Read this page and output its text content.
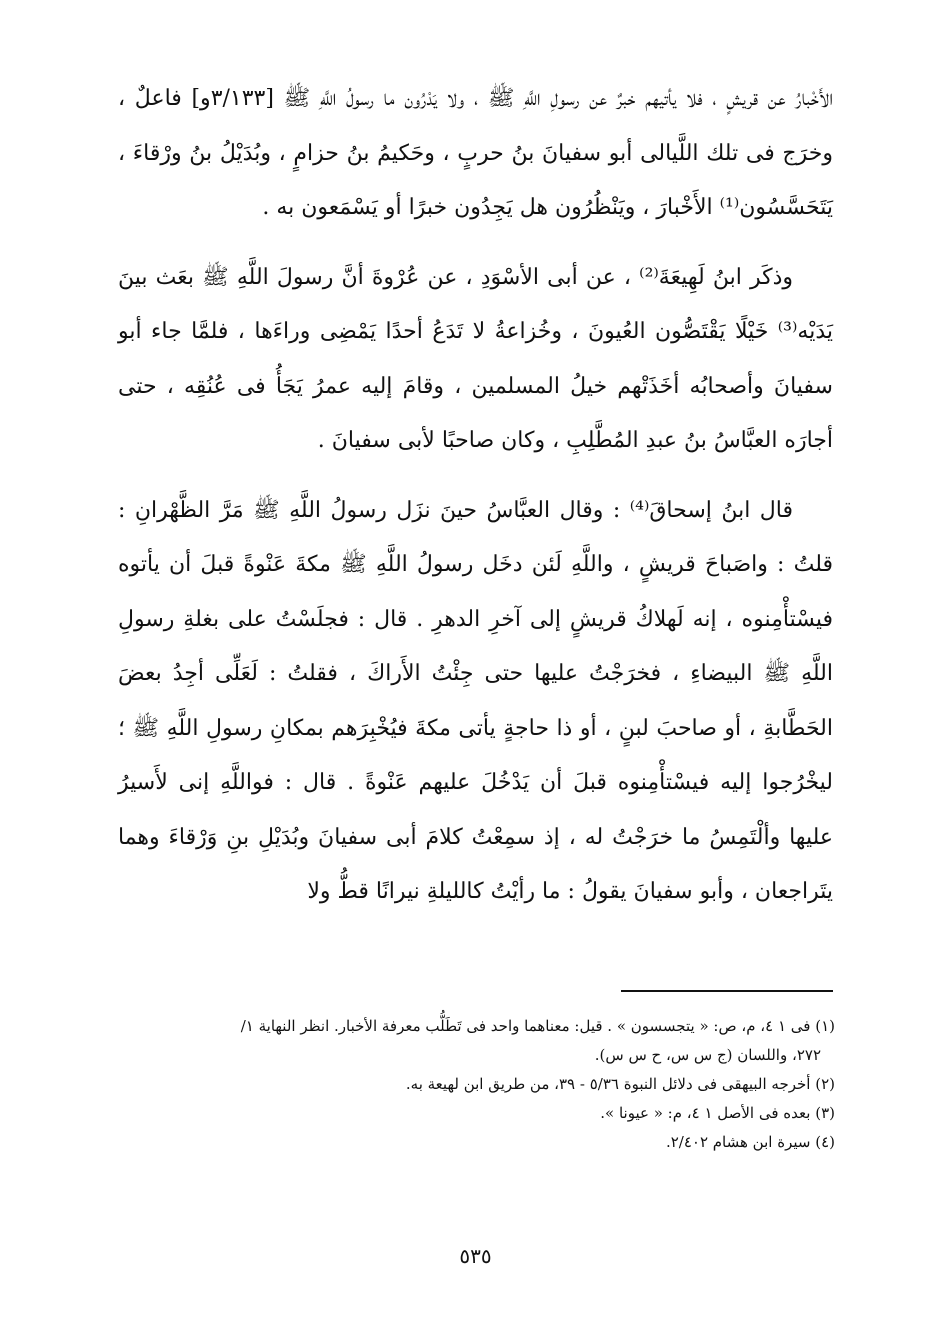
الأَخْبارُ عن قريشٍ ، فلا يأتيهم خبرٌ عن رسولِ اللَّهِ ﷺ ، ولا يَدْرُون ما رسولُ اللَّهِ ﷺ [٣/١٣٣و] فاعلٌ ، وخرَج فى تلك اللَّيالى أبو سفيانَ بنُ حربٍ ، وحَكيمُ بنُ حزامٍ ، وبُدَيْلُ بنُ ورْقاءَ ، يَتَحَسَّسُون⁽¹⁾ الأَخْبارَ ، ويَنْظُرُون هل يَجِدُون خبرًا أو يَسْمَعون به .

وذكَر ابنُ لَهِيعَةَ⁽²⁾ ، عن أبى الأسْوَدِ ، عن عُرْوةَ أنَّ رسولَ اللَّهِ ﷺ بعَث بينَ يَدَيْه⁽³⁾ خَيْلًا يَقْتَصُّون العُيونَ ، وخُزاعةُ لا تَدَعُ أحدًا يَمْضِى وراءَها ، فلمَّا جاء أبو سفيانَ وأصحابُه أخَذَتْهم خيلُ المسلمين ، وقامَ إليه عمرُ يَجَأُ فى عُنُقِه ، حتى أجارَه العبَّاسُ بنُ عبدِ المُطَّلِبِ ، وكان صاحبًا لأبى سفيانَ .

قال ابنُ إسحاقَ⁽⁴⁾ : وقال العبَّاسُ حينَ نزَل رسولُ اللَّهِ ﷺ مَرَّ الظَّهْرانِ : قلتُ : واصَباحَ قريشٍ ، واللَّهِ لَئن دخَل رسولُ اللَّهِ ﷺ مكةَ عَنْوةً قبلَ أن يأتوه فيسْتأْمِنوه ، إنه لَهلاكُ قريشٍ إلى آخرِ الدهرِ . قال : فجلَسْتُ على بغلةِ رسولِ اللَّهِ ﷺ البيضاءِ ، فخرَجْتُ عليها حتى جِئْتُ الأَراكَ ، فقلتُ : لَعَلِّى أجِدُ بعضَ الحَطَّابةِ ، أو صاحبَ لبنٍ ، أو ذا حاجةٍ يأتى مكةَ فيُخْبِرَهم بمكانِ رسولِ اللَّهِ ﷺ ؛ ليخْرُجوا إليه فيسْتأْمِنوه قبلَ أن يَدْخُلَ عليهم عَنْوةً . قال : فواللَّهِ إنى لأَسيرُ عليها وألْتَمِسُ ما خرَجْتُ له ، إذ سمِعْتُ كلامَ أبى سفيانَ وبُدَيْلِ بنِ وَرْقاءَ وهما يتَراجعان ، وأبو سفيانَ يقولُ : ما رأيْتُ كالليلةِ نيرانًا قطُّ ولا

(١) فى ١ ٤، م، ص: « يتجسسون » . قيل: معناهما واحد فى تَطَلُّب معرفة الأخبار. انظر النهاية ١/

٢٧٢، واللسان (ج س س، ح س س).

(٢) أخرجه البيهقى فى دلائل النبوة ٥/٣٦ - ٣٩، من طريق ابن لهيعة به.

(٣) بعده فى الأصل ١ ٤، م: « عيونا ».

(٤) سيرة ابن هشام ٢/٤٠٢.

٥٣٥
